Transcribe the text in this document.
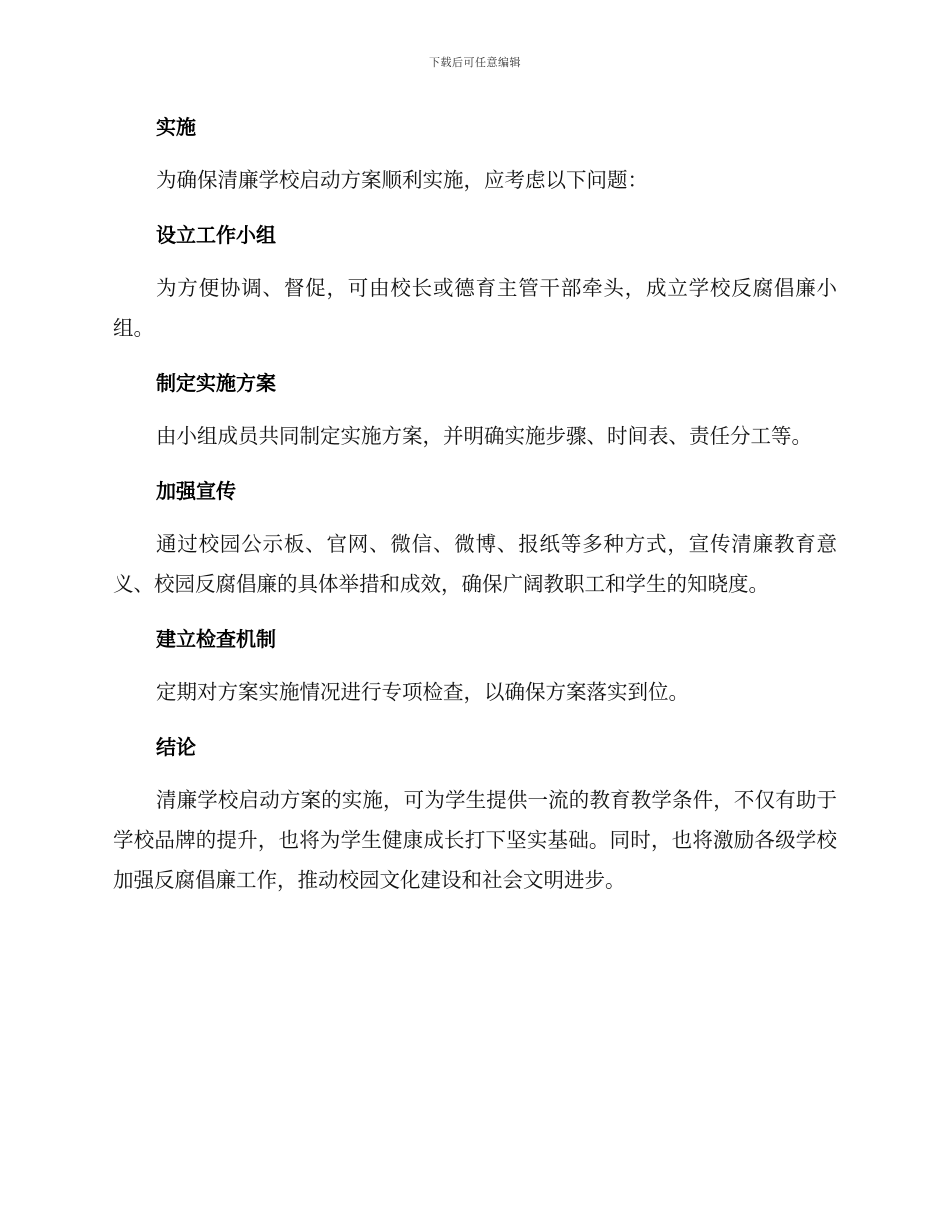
下载后可任意编辑
实施

为确保清廉学校启动方案顺利实施，应考虑以下问题：

设立工作小组

为方便协调、督促，可由校长或德育主管干部牵头，成立学校反腐倡廉小组。

制定实施方案

由小组成员共同制定实施方案，并明确实施步骤、时间表、责任分工等。

加强宣传

通过校园公示板、官网、微信、微博、报纸等多种方式，宣传清廉教育意义、校园反腐倡廉的具体举措和成效，确保广阔教职工和学生的知晓度。

建立检查机制

定期对方案实施情况进行专项检查，以确保方案落实到位。

结论

清廉学校启动方案的实施，可为学生提供一流的教育教学条件，不仅有助于学校品牌的提升，也将为学生健康成长打下坚实基础。同时，也将激励各级学校加强反腐倡廉工作，推动校园文化建设和社会文明进步。
